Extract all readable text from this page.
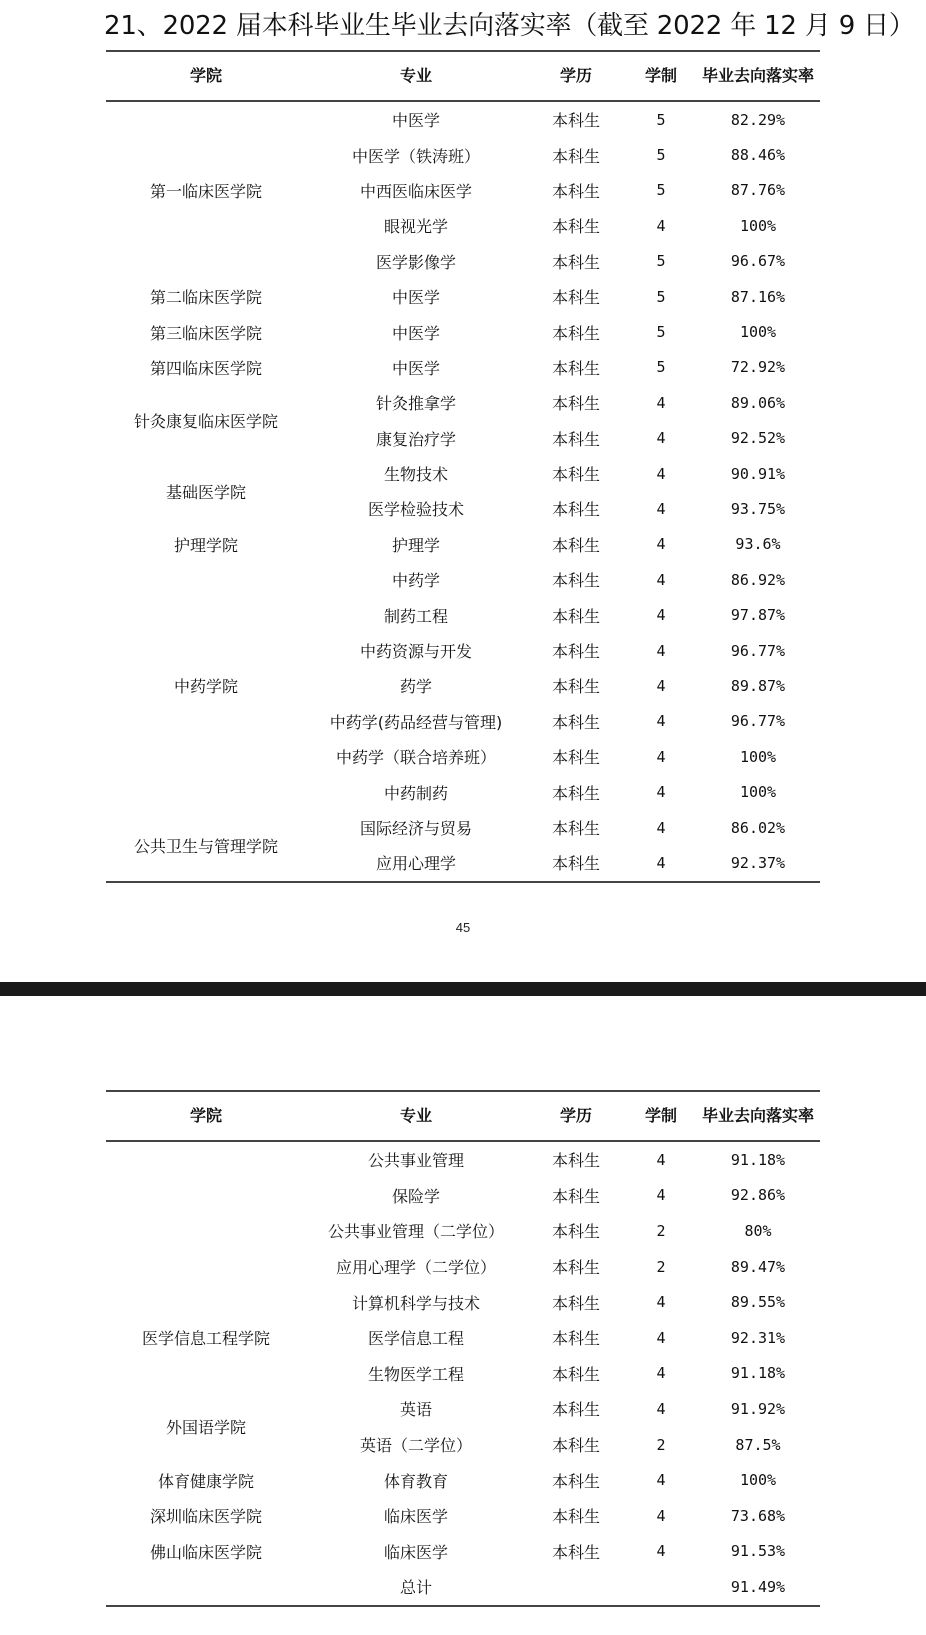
21、2022 届本科毕业生毕业去向落实率（截至 2022 年 12 月 9 日）
学院	专业	学历	学制	毕业去向落实率
第一临床医学院	中医学	本科生	5	82.29%
	中医学（铁涛班）	本科生	5	88.46%
	中西医临床医学	本科生	5	87.76%
	眼视光学	本科生	4	100%
	医学影像学	本科生	5	96.67%
第二临床医学院	中医学	本科生	5	87.16%
第三临床医学院	中医学	本科生	5	100%
第四临床医学院	中医学	本科生	5	72.92%
针灸康复临床医学院	针灸推拿学	本科生	4	89.06%
	康复治疗学	本科生	4	92.52%
基础医学院	生物技术	本科生	4	90.91%
	医学检验技术	本科生	4	93.75%
护理学院	护理学	本科生	4	93.6%
中药学院	中药学	本科生	4	86.92%
	制药工程	本科生	4	97.87%
	中药资源与开发	本科生	4	96.77%
	药学	本科生	4	89.87%
	中药学(药品经营与管理)	本科生	4	96.77%
	中药学（联合培养班）	本科生	4	100%
	中药制药	本科生	4	100%
公共卫生与管理学院	国际经济与贸易	本科生	4	86.02%
	应用心理学	本科生	4	92.37%
45
学院	专业	学历	学制	毕业去向落实率
	公共事业管理	本科生	4	91.18%
	保险学	本科生	4	92.86%
	公共事业管理（二学位）	本科生	2	80%
	应用心理学（二学位）	本科生	2	89.47%
医学信息工程学院	计算机科学与技术	本科生	4	89.55%
	医学信息工程	本科生	4	92.31%
	生物医学工程	本科生	4	91.18%
外国语学院	英语	本科生	4	91.92%
	英语（二学位）	本科生	2	87.5%
体育健康学院	体育教育	本科生	4	100%
深圳临床医学院	临床医学	本科生	4	73.68%
佛山临床医学院	临床医学	本科生	4	91.53%
	总计			91.49%
